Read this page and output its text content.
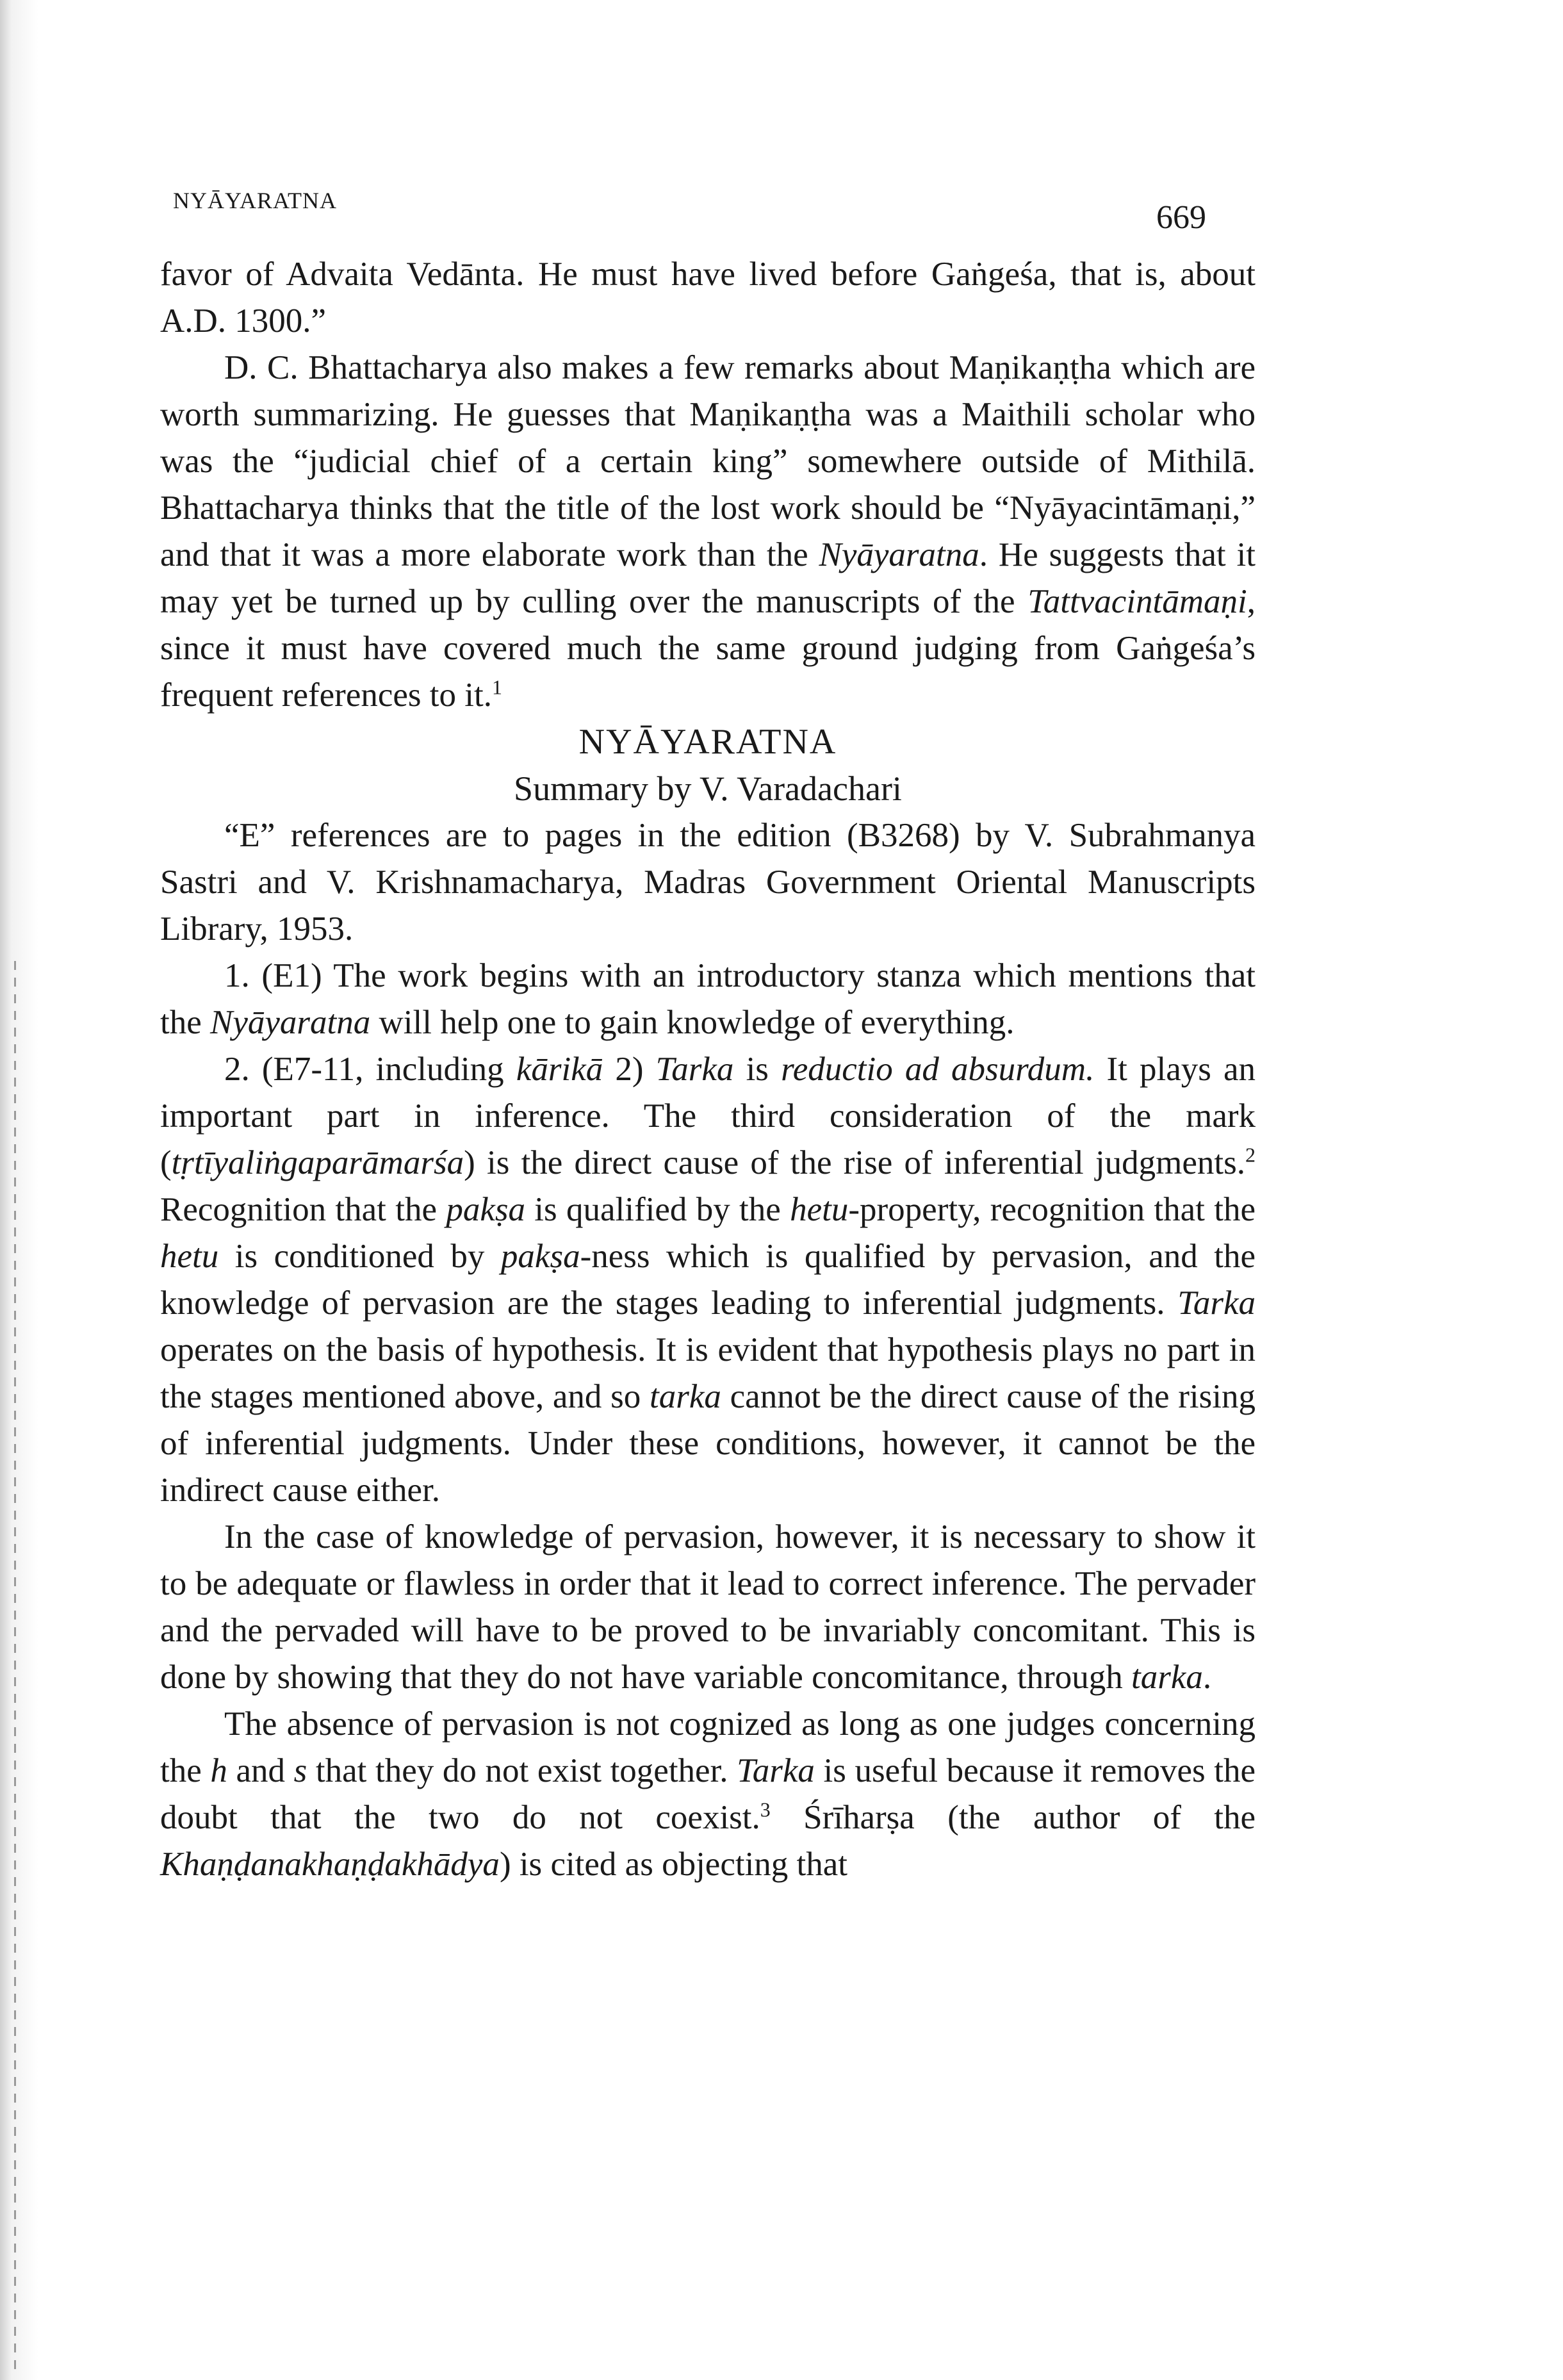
NYĀYARATNA	669

favor of Advaita Vedānta. He must have lived before Gaṅgeśa, that is, about A.D. 1300.”

D. C. Bhattacharya also makes a few remarks about Maṇikaṇṭha which are worth summarizing. He guesses that Maṇikaṇṭha was a Maithili scholar who was the “judicial chief of a certain king” somewhere outside of Mithilā. Bhattacharya thinks that the title of the lost work should be “Nyāyacintāmaṇi,” and that it was a more elaborate work than the Nyāyaratna. He suggests that it may yet be turned up by culling over the manuscripts of the Tattvacintāmaṇi, since it must have covered much the same ground judging from Gaṅgeśa’s frequent references to it.$^1$

NYĀYARATNA

Summary by V. Varadachari

“E” references are to pages in the edition (B3268) by V. Subrahmanya Sastri and V. Krishnamacharya, Madras Government Oriental Manuscripts Library, 1953.

1. (E1) The work begins with an introductory stanza which mentions that the Nyāyaratna will help one to gain knowledge of everything.

2. (E7-11, including kārikā 2) Tarka is reductio ad absurdum. It plays an important part in inference. The third consideration of the mark (tṛtīyaliṅgaparāmarśa) is the direct cause of the rise of inferential judgments.$^2$ Recognition that the pakṣa is qualified by the hetu-property, recognition that the hetu is conditioned by pakṣa-ness which is qualified by pervasion, and the knowledge of pervasion are the stages leading to inferential judgments. Tarka operates on the basis of hypothesis. It is evident that hypothesis plays no part in the stages mentioned above, and so tarka cannot be the direct cause of the rising of inferential judgments. Under these conditions, however, it cannot be the indirect cause either.

In the case of knowledge of pervasion, however, it is necessary to show it to be adequate or flawless in order that it lead to correct inference. The pervader and the pervaded will have to be proved to be invariably concomitant. This is done by showing that they do not have variable concomitance, through tarka.

The absence of pervasion is not cognized as long as one judges concerning the h and s that they do not exist together. Tarka is useful because it removes the doubt that the two do not coexist.$^3$ Śrīharṣa (the author of the Khaṇḍanakhaṇḍakhādya) is cited as objecting that
